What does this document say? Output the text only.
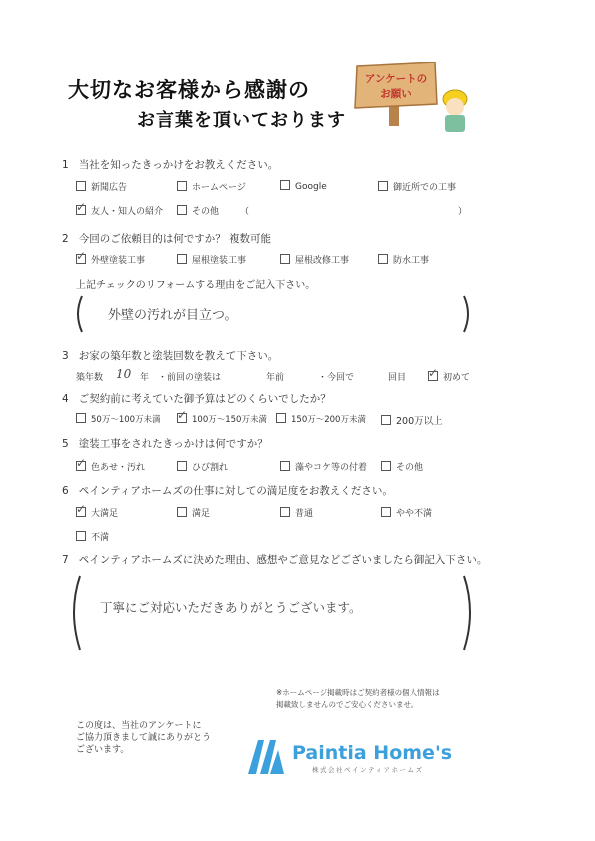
大切なお客様から感謝の
お言葉を頂いております
アンケートの
お願い
1 当社を知ったきっかけをお教えください。
新聞広告	ホームページ	Google	御近所での工事
✓ 友人・知人の紹介	その他 （	）
2 今回のご依頼目的は何ですか？ 複数可能
✓ 外壁塗装工事	屋根塗装工事	屋根改修工事	防水工事
上記チェックのリフォームする理由をご記入下さい。
外壁の汚れが目立つ。
3 お家の築年数と塗装回数を教えて下さい。
築年数 10 年 ・前回の塗装は	年前	・今回で	回目 ✓ 初めて
4 ご契約前に考えていた御予算はどのくらいでしたか？
50万～100万未満 ✓ 100万～150万未満	150万～200万未満	200万以上
5 塗装工事をされたきっかけは何ですか？
✓ 色あせ・汚れ	ひび割れ	藻やコケ等の付着	その他
6 ペインティアホームズの仕事に対しての満足度をお教えください。
✓ 大満足	満足	普通	やや不満
不満
7 ペインティアホームズに決めた理由、感想やご意見などございましたら御記入下さい。
丁寧にご対応いただきありがとうございます。
※ホームページ掲載時はご契約者様の個人情報は
掲載致しませんのでご安心くださいませ。
この度は、当社のアンケートに
ご協力頂きまして誠にありがとう
ございます。	Paintia Home's
株式会社ペインティアホームズ
